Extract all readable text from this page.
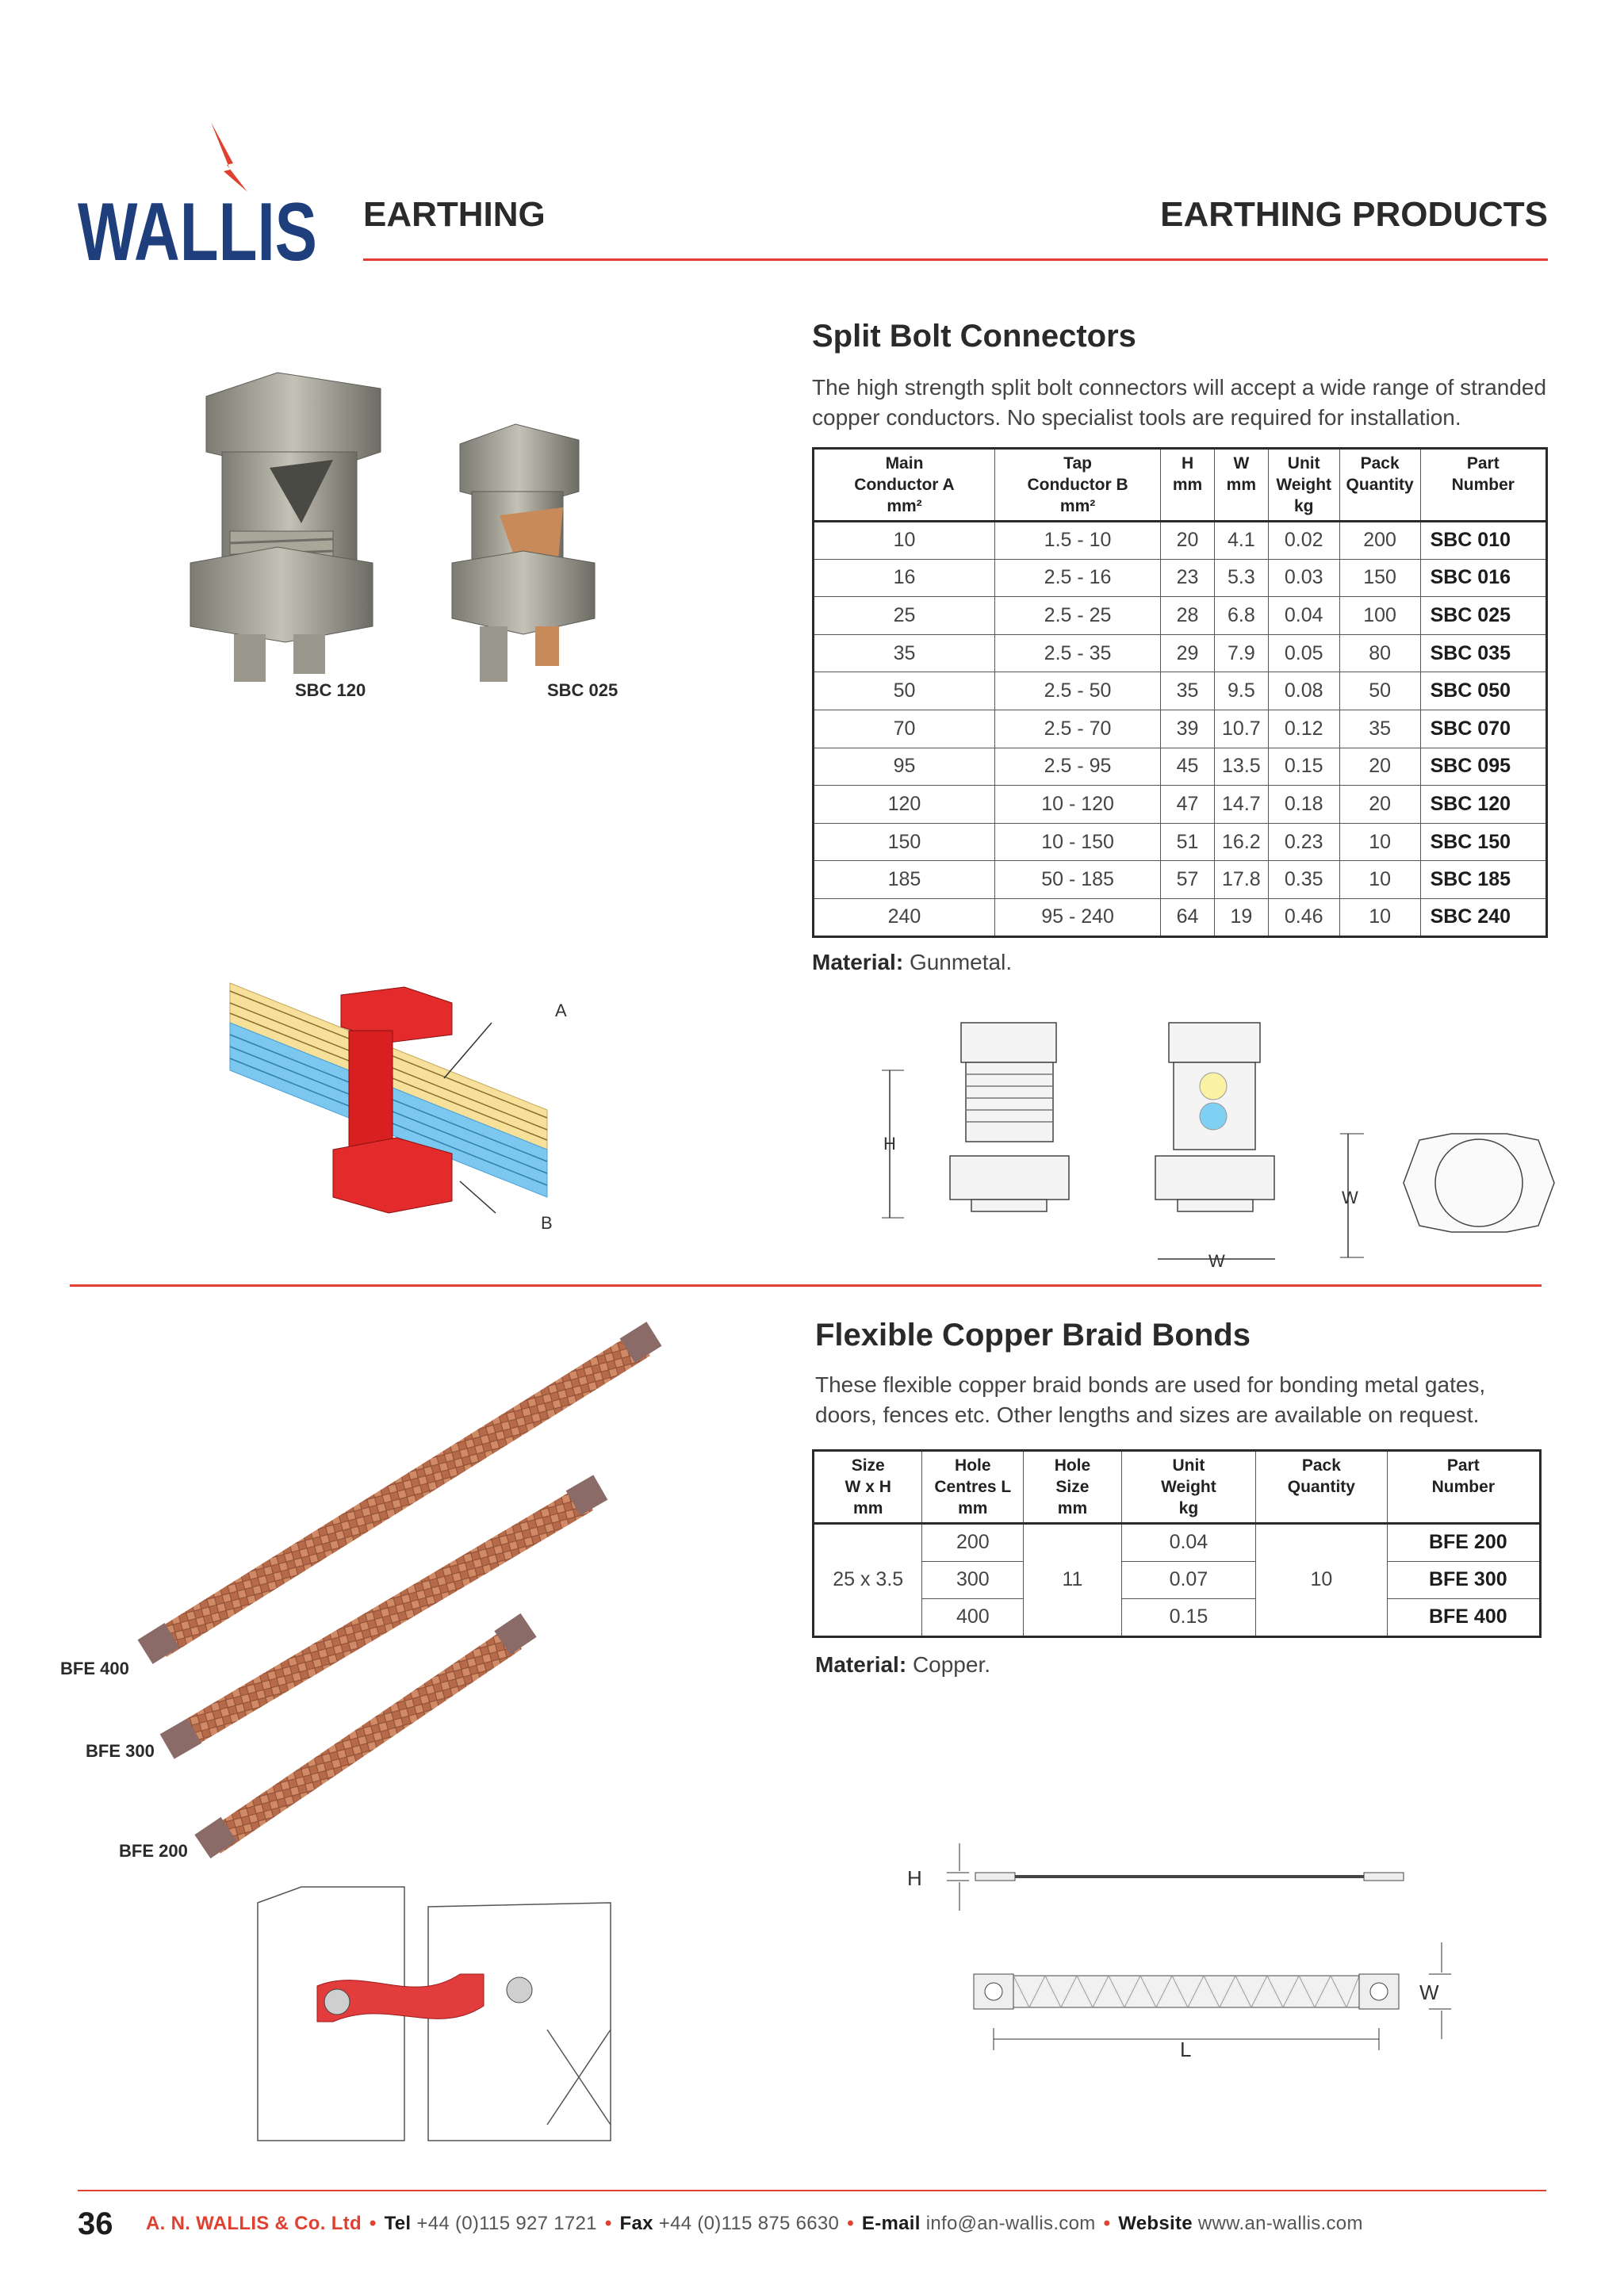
WALLIS EARTHING	EARTHING PRODUCTS
SBC 120	SBC 025
Split Bolt Connectors
The high strength split bolt connectors will accept a wide range of stranded copper conductors. No specialist tools are required for installation.
Main
Conductor A
mm²	Tap
Conductor B
mm²	H
mm	W
mm	Unit
Weight
kg	Pack
Quantity	Part
Number
10	1.5 - 10	20	4.1	0.02	200	SBC 010
16	2.5 - 16	23	5.3	0.03	150	SBC 016
25	2.5 - 25	28	6.8	0.04	100	SBC 025
35	2.5 - 35	29	7.9	0.05	80	SBC 035
50	2.5 - 50	35	9.5	0.08	50	SBC 050
70	2.5 - 70	39	10.7	0.12	35	SBC 070
95	2.5 - 95	45	13.5	0.15	20	SBC 095
120	10 - 120	47	14.7	0.18	20	SBC 120
150	10 - 150	51	16.2	0.23	10	SBC 150
185	50 - 185	57	17.8	0.35	10	SBC 185
240	95 - 240	64	19	0.46	10	SBC 240
Material: Gunmetal.
A
B
H
W
W
BFE 400
BFE 300
BFE 200
Flexible Copper Braid Bonds
These flexible copper braid bonds are used for bonding metal gates, doors, fences etc. Other lengths and sizes are available on request.
Size
W x H
mm	Hole
Centres L
mm	Hole
Size
mm	Unit
Weight
kg	Pack
Quantity	Part
Number
25 x 3.5	200	11	0.04	10	BFE 200
	300		0.07		BFE 300
	400		0.15		BFE 400
Material: Copper.
H
W
L
36	A. N. WALLIS & Co. Ltd • Tel +44 (0)115 927 1721 • Fax +44 (0)115 875 6630 • E-mail info@an-wallis.com • Website www.an-wallis.com
